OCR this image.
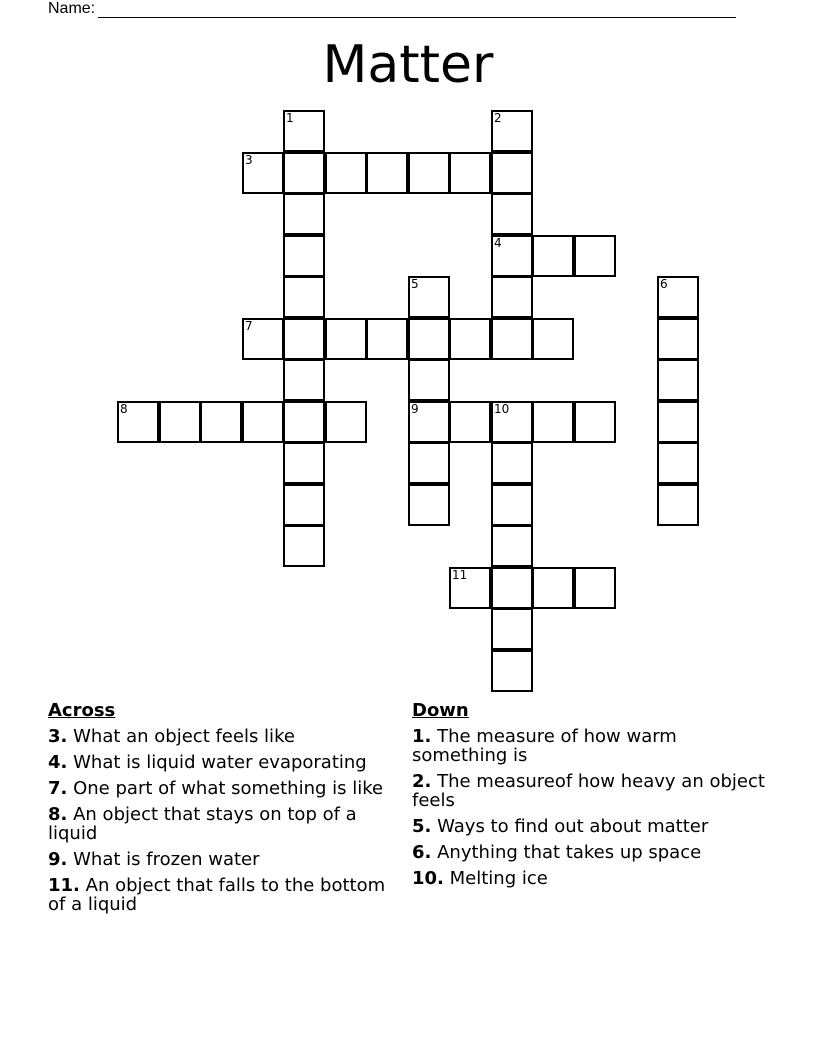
Name:
Matter
1	2
4
3
5
9
6
7
8	10
11
Across
3. What an object feels like
4. What is liquid water evaporating
7. One part of what something is like
8. An object that stays on top of a liquid
9. What is frozen water
11. An object that falls to the bottom of a liquid
Down
1. The measure of how warm something is
2. The measureof how heavy an object feels
5. Ways to find out about matter
6. Anything that takes up space
10. Melting ice
